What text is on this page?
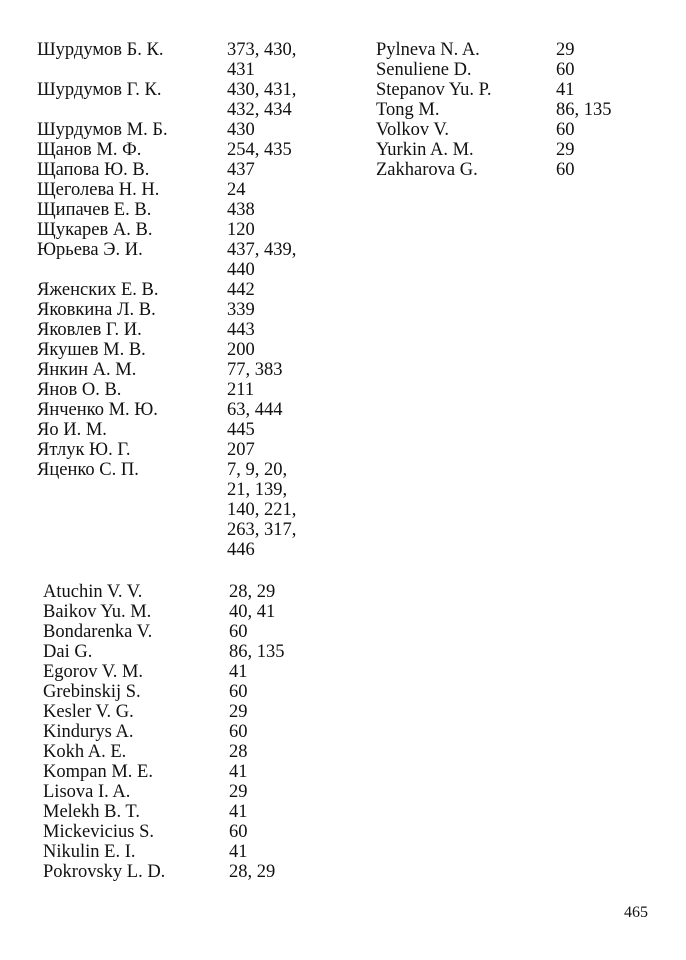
Шурдумов Б. К.	373, 430,
431
Шурдумов Г. К.	430, 431,
432, 434
Шурдумов М. Б.	430
Щанов М. Ф.	254, 435
Щапова Ю. В.	437
Щеголева Н. Н.	24
Щипачев Е. В.	438
Щукарев А. В.	120
Юрьева Э. И.	437, 439,
440
Яженских Е. В.	442
Яковкина Л. В.	339
Яковлев Г. И.	443
Якушев М. В.	200
Янкин А. М.	77, 383
Янов О. В.	211
Янченко М. Ю.	63, 444
Яо И. М.	445
Ятлук Ю. Г.	207
Яценко С. П.	7, 9, 20,
21, 139,
140, 221,
263, 317,
446
Atuchin V. V.	28, 29
Baikov Yu. M.	40, 41
Bondarenka V.	60
Dai G.	86, 135
Egorov V. M.	41
Grebinskij S.	60
Kesler V. G.	29
Kindurys A.	60
Kokh A. E.	28
Kompan M. E.	41
Lisova I. A.	29
Melekh B. T.	41
Mickevicius S.	60
Nikulin E. I.	41
Pokrovsky L. D.	28, 29
Pylneva N. A.	29
Senuliene D.	60
Stepanov Yu. P.	41
Tong M.	86, 135
Volkov V.	60
Yurkin A. M.	29
Zakharova G.	60
465
